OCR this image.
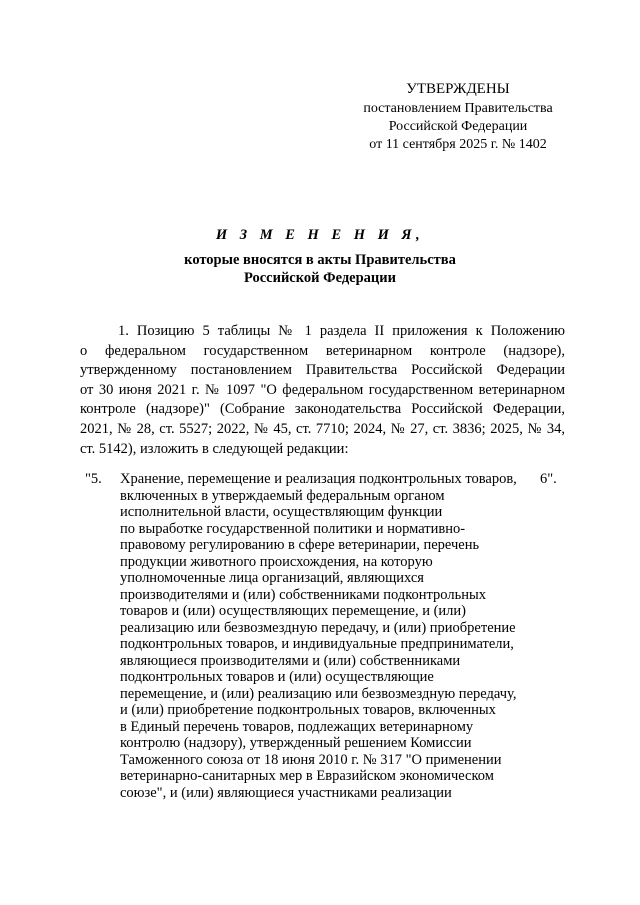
УТВЕРЖДЕНЫ
постановлением Правительства
Российской Федерации
от 11 сентября 2025 г. № 1402
И З М Е Н Е Н И Я,
которые вносятся в акты Правительства
Российской Федерации
1. Позицию 5 таблицы № 1 раздела II приложения к Положению
о федеральном государственном ветеринарном контроле (надзоре),
утвержденному постановлением Правительства Российской Федерации
от 30 июня 2021 г. № 1097 "О федеральном государственном ветеринарном
контроле (надзоре)" (Собрание законодательства Российской Федерации,
2021, № 28, ст. 5527; 2022, № 45, ст. 7710; 2024, № 27, ст. 3836; 2025, № 34,
ст. 5142), изложить в следующей редакции:
"5. Хранение, перемещение и реализация подконтрольных товаров,
включенных в утверждаемый федеральным органом
исполнительной власти, осуществляющим функции
по выработке государственной политики и нормативно-
правовому регулированию в сфере ветеринарии, перечень
продукции животного происхождения, на которую
уполномоченные лица организаций, являющихся
производителями и (или) собственниками подконтрольных
товаров и (или) осуществляющих перемещение, и (или)
реализацию или безвозмездную передачу, и (или) приобретение
подконтрольных товаров, и индивидуальные предприниматели,
являющиеся производителями и (или) собственниками
подконтрольных товаров и (или) осуществляющие
перемещение, и (или) реализацию или безвозмездную передачу,
и (или) приобретение подконтрольных товаров, включенных
в Единый перечень товаров, подлежащих ветеринарному
контролю (надзору), утвержденный решением Комиссии
Таможенного союза от 18 июня 2010 г. № 317 "О применении
ветеринарно-санитарных мер в Евразийском экономическом
союзе", и (или) являющиеся участниками реализации
6".
